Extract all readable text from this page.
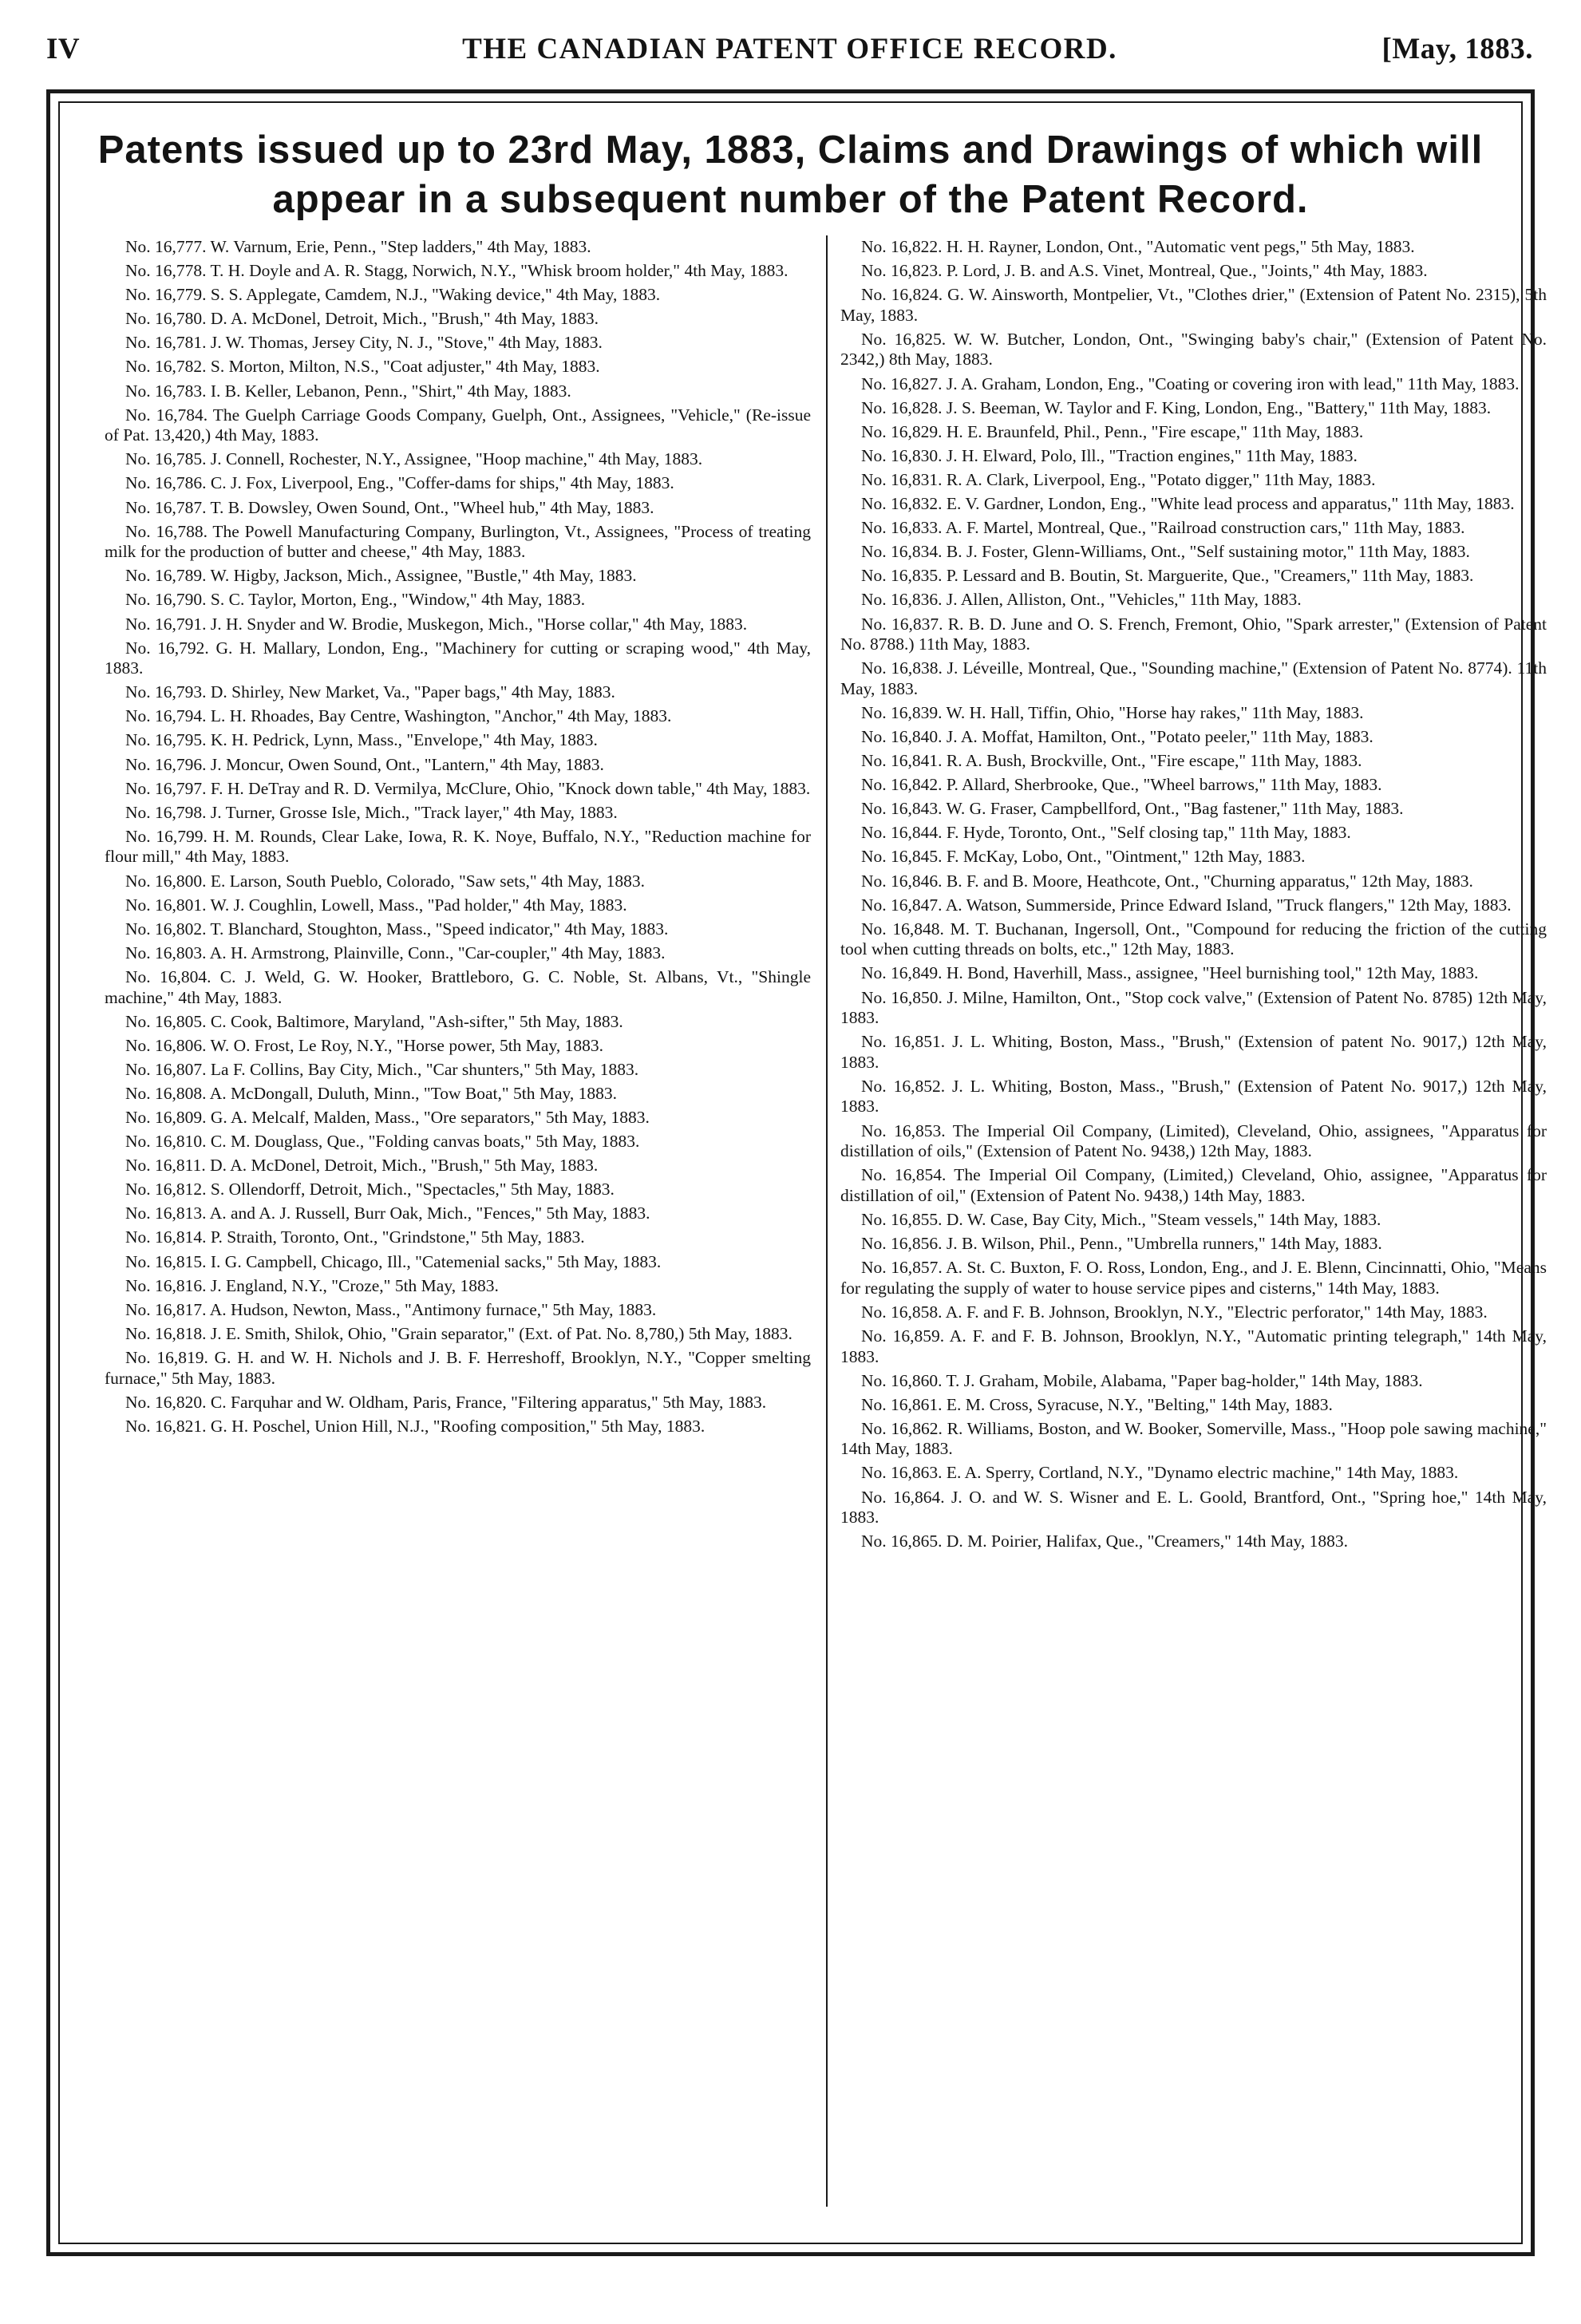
IV	THE CANADIAN PATENT OFFICE RECORD.	[May, 1883.
Patents issued up to 23rd May, 1883, Claims and Drawings of which will appear in a subsequent number of the Patent Record.

No. 16,777. W. Varnum, Erie, Penn., "Step ladders," 4th May, 1883.

No. 16,778. T. H. Doyle and A. R. Stagg, Norwich, N.Y., "Whisk broom holder," 4th May, 1883.

No. 16,779. S. S. Applegate, Camdem, N.J., "Waking device," 4th May, 1883.

No. 16,780. D. A. McDonel, Detroit, Mich., "Brush," 4th May, 1883.

No. 16,781. J. W. Thomas, Jersey City, N. J., "Stove," 4th May, 1883.

No. 16,782. S. Morton, Milton, N.S., "Coat adjuster," 4th May, 1883.

No. 16,783. I. B. Keller, Lebanon, Penn., "Shirt," 4th May, 1883.

No. 16,784. The Guelph Carriage Goods Company, Guelph, Ont., Assignees, "Vehicle," (Re-issue of Pat. 13,420,) 4th May, 1883.

No. 16,785. J. Connell, Rochester, N.Y., Assignee, "Hoop machine," 4th May, 1883.

No. 16,786. C. J. Fox, Liverpool, Eng., "Coffer-dams for ships," 4th May, 1883.

No. 16,787. T. B. Dowsley, Owen Sound, Ont., "Wheel hub," 4th May, 1883.

No. 16,788. The Powell Manufacturing Company, Burlington, Vt., Assignees, "Process of treating milk for the production of butter and cheese," 4th May, 1883.

No. 16,789. W. Higby, Jackson, Mich., Assignee, "Bustle," 4th May, 1883.

No. 16,790. S. C. Taylor, Morton, Eng., "Window," 4th May, 1883.

No. 16,791. J. H. Snyder and W. Brodie, Muskegon, Mich., "Horse collar," 4th May, 1883.

No. 16,792. G. H. Mallary, London, Eng., "Machinery for cutting or scraping wood," 4th May, 1883.

No. 16,793. D. Shirley, New Market, Va., "Paper bags," 4th May, 1883.

No. 16,794. L. H. Rhoades, Bay Centre, Washington, "Anchor," 4th May, 1883.

No. 16,795. K. H. Pedrick, Lynn, Mass., "Envelope," 4th May, 1883.

No. 16,796. J. Moncur, Owen Sound, Ont., "Lantern," 4th May, 1883.

No. 16,797. F. H. DeTray and R. D. Vermilya, McClure, Ohio, "Knock down table," 4th May, 1883.

No. 16,798. J. Turner, Grosse Isle, Mich., "Track layer," 4th May, 1883.

No. 16,799. H. M. Rounds, Clear Lake, Iowa, R. K. Noye, Buffalo, N.Y., "Reduction machine for flour mill," 4th May, 1883.

No. 16,800. E. Larson, South Pueblo, Colorado, "Saw sets," 4th May, 1883.

No. 16,801. W. J. Coughlin, Lowell, Mass., "Pad holder," 4th May, 1883.

No. 16,802. T. Blanchard, Stoughton, Mass., "Speed indicator," 4th May, 1883.

No. 16,803. A. H. Armstrong, Plainville, Conn., "Car-coupler," 4th May, 1883.

No. 16,804. C. J. Weld, G. W. Hooker, Brattleboro, G. C. Noble, St. Albans, Vt., "Shingle machine," 4th May, 1883.

No. 16,805. C. Cook, Baltimore, Maryland, "Ash-sifter," 5th May, 1883.

No. 16,806. W. O. Frost, Le Roy, N.Y., "Horse power, 5th May, 1883.

No. 16,807. La F. Collins, Bay City, Mich., "Car shunters," 5th May, 1883.

No. 16,808. A. McDongall, Duluth, Minn., "Tow Boat," 5th May, 1883.

No. 16,809. G. A. Melcalf, Malden, Mass., "Ore separators," 5th May, 1883.

No. 16,810. C. M. Douglass, Que., "Folding canvas boats," 5th May, 1883.

No. 16,811. D. A. McDonel, Detroit, Mich., "Brush," 5th May, 1883.

No. 16,812. S. Ollendorff, Detroit, Mich., "Spectacles," 5th May, 1883.

No. 16,813. A. and A. J. Russell, Burr Oak, Mich., "Fences," 5th May, 1883.

No. 16,814. P. Straith, Toronto, Ont., "Grindstone," 5th May, 1883.

No. 16,815. I. G. Campbell, Chicago, Ill., "Catemenial sacks," 5th May, 1883.

No. 16,816. J. England, N.Y., "Croze," 5th May, 1883.

No. 16,817. A. Hudson, Newton, Mass., "Antimony furnace," 5th May, 1883.

No. 16,818. J. E. Smith, Shilok, Ohio, "Grain separator," (Ext. of Pat. No. 8,780,) 5th May, 1883.

No. 16,819. G. H. and W. H. Nichols and J. B. F. Herreshoff, Brooklyn, N.Y., "Copper smelting furnace," 5th May, 1883.

No. 16,820. C. Farquhar and W. Oldham, Paris, France, "Filtering apparatus," 5th May, 1883.

No. 16,821. G. H. Poschel, Union Hill, N.J., "Roofing composition," 5th May, 1883.

No. 16,822. H. H. Rayner, London, Ont., "Automatic vent pegs," 5th May, 1883.

No. 16,823. P. Lord, J. B. and A.S. Vinet, Montreal, Que., "Joints," 4th May, 1883.

No. 16,824. G. W. Ainsworth, Montpelier, Vt., "Clothes drier," (Extension of Patent No. 2315), 5th May, 1883.

No. 16,825. W. W. Butcher, London, Ont., "Swinging baby's chair," (Extension of Patent No. 2342,) 8th May, 1883.

No. 16,827. J. A. Graham, London, Eng., "Coating or covering iron with lead," 11th May, 1883.

No. 16,828. J. S. Beeman, W. Taylor and F. King, London, Eng., "Battery," 11th May, 1883.

No. 16,829. H. E. Braunfeld, Phil., Penn., "Fire escape," 11th May, 1883.

No. 16,830. J. H. Elward, Polo, Ill., "Traction engines," 11th May, 1883.

No. 16,831. R. A. Clark, Liverpool, Eng., "Potato digger," 11th May, 1883.

No. 16,832. E. V. Gardner, London, Eng., "White lead process and apparatus," 11th May, 1883.

No. 16,833. A. F. Martel, Montreal, Que., "Railroad construction cars," 11th May, 1883.

No. 16,834. B. J. Foster, Glenn-Williams, Ont., "Self sustaining motor," 11th May, 1883.

No. 16,835. P. Lessard and B. Boutin, St. Marguerite, Que., "Creamers," 11th May, 1883.

No. 16,836. J. Allen, Alliston, Ont., "Vehicles," 11th May, 1883.

No. 16,837. R. B. D. June and O. S. French, Fremont, Ohio, "Spark arrester," (Extension of Patent No. 8788.) 11th May, 1883.

No. 16,838. J. Léveille, Montreal, Que., "Sounding machine," (Extension of Patent No. 8774). 11th May, 1883.

No. 16,839. W. H. Hall, Tiffin, Ohio, "Horse hay rakes," 11th May, 1883.

No. 16,840. J. A. Moffat, Hamilton, Ont., "Potato peeler," 11th May, 1883.

No. 16,841. R. A. Bush, Brockville, Ont., "Fire escape," 11th May, 1883.

No. 16,842. P. Allard, Sherbrooke, Que., "Wheel barrows," 11th May, 1883.

No. 16,843. W. G. Fraser, Campbellford, Ont., "Bag fastener," 11th May, 1883.

No. 16,844. F. Hyde, Toronto, Ont., "Self closing tap," 11th May, 1883.

No. 16,845. F. McKay, Lobo, Ont., "Ointment," 12th May, 1883.

No. 16,846. B. F. and B. Moore, Heathcote, Ont., "Churning apparatus," 12th May, 1883.

No. 16,847. A. Watson, Summerside, Prince Edward Island, "Truck flangers," 12th May, 1883.

No. 16,848. M. T. Buchanan, Ingersoll, Ont., "Compound for reducing the friction of the cutting tool when cutting threads on bolts, etc.," 12th May, 1883.

No. 16,849. H. Bond, Haverhill, Mass., assignee, "Heel burnishing tool," 12th May, 1883.

No. 16,850. J. Milne, Hamilton, Ont., "Stop cock valve," (Extension of Patent No. 8785) 12th May, 1883.

No. 16,851. J. L. Whiting, Boston, Mass., "Brush," (Extension of patent No. 9017,) 12th May, 1883.

No. 16,852. J. L. Whiting, Boston, Mass., "Brush," (Extension of Patent No. 9017,) 12th May, 1883.

No. 16,853. The Imperial Oil Company, (Limited), Cleveland, Ohio, assignees, "Apparatus for distillation of oils," (Extension of Patent No. 9438,) 12th May, 1883.

No. 16,854. The Imperial Oil Company, (Limited,) Cleveland, Ohio, assignee, "Apparatus for distillation of oil," (Extension of Patent No. 9438,) 14th May, 1883.

No. 16,855. D. W. Case, Bay City, Mich., "Steam vessels," 14th May, 1883.

No. 16,856. J. B. Wilson, Phil., Penn., "Umbrella runners," 14th May, 1883.

No. 16,857. A. St. C. Buxton, F. O. Ross, London, Eng., and J. E. Blenn, Cincinnatti, Ohio, "Means for regulating the supply of water to house service pipes and cisterns," 14th May, 1883.

No. 16,858. A. F. and F. B. Johnson, Brooklyn, N.Y., "Electric perforator," 14th May, 1883.

No. 16,859. A. F. and F. B. Johnson, Brooklyn, N.Y., "Automatic printing telegraph," 14th May, 1883.

No. 16,860. T. J. Graham, Mobile, Alabama, "Paper bag-holder," 14th May, 1883.

No. 16,861. E. M. Cross, Syracuse, N.Y., "Belting," 14th May, 1883.

No. 16,862. R. Williams, Boston, and W. Booker, Somerville, Mass., "Hoop pole sawing machine," 14th May, 1883.

No. 16,863. E. A. Sperry, Cortland, N.Y., "Dynamo electric machine," 14th May, 1883.

No. 16,864. J. O. and W. S. Wisner and E. L. Goold, Brantford, Ont., "Spring hoe," 14th May, 1883.

No. 16,865. D. M. Poirier, Halifax, Que., "Creamers," 14th May, 1883.
